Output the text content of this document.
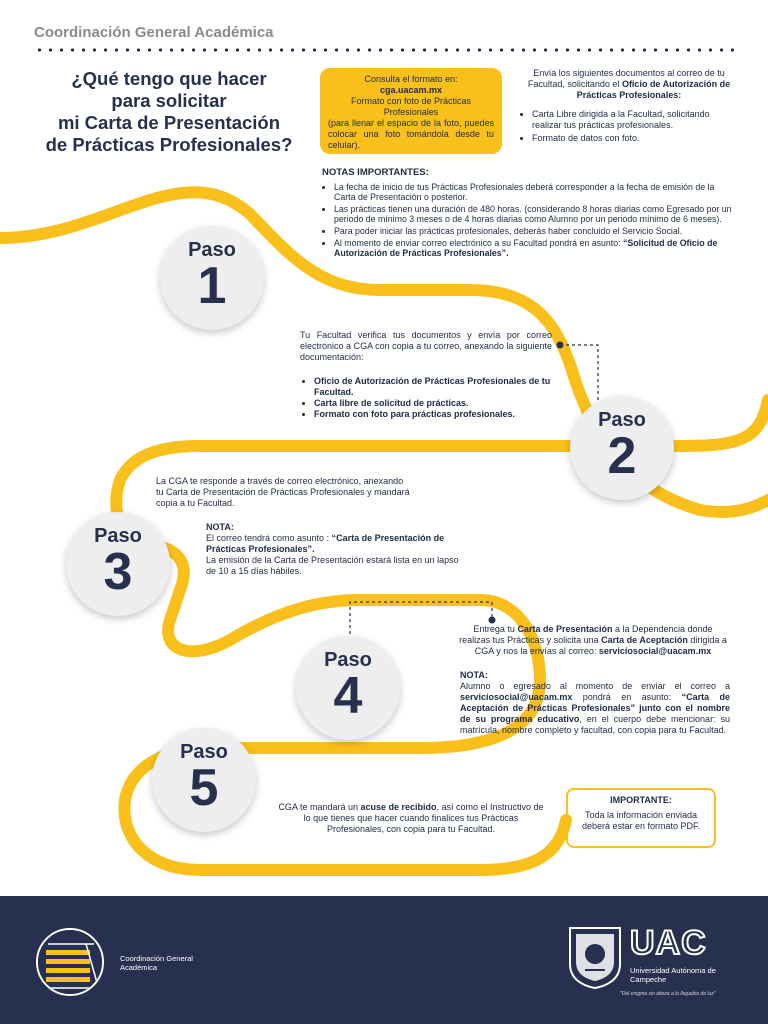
Coordinación General Académica
¿Qué tengo que hacer
para solicitar
mi Carta de Presentación
de Prácticas Profesionales?
Consulta el formato en:
cga.uacam.mx
Formato con foto de Prácticas Profesionales
(para llenar el espacio de la foto, puedes colocar una foto tomándola desde tu celular).
Envía los siguientes documentos al correo de tu Facultad, solicitando el Oficio de Autorización de Prácticas Profesionales:
• Carta Libre dirigida a la Facultad, solicitando realizar tus prácticas profesionales.
• Formato de datos con foto.
NOTAS IMPORTANTES:
• La fecha de inicio de tus Prácticas Profesionales deberá corresponder a la fecha de emisión de la Carta de Presentación o posterior.
• Las prácticas tienen una duración de 480 horas. (considerando 8 horas diarias como Egresado por un periodo de mínimo 3 meses o de 4 horas diarias como Alumno por un periodo mínimo de 6 meses).
• Para poder iniciar las prácticas profesionales, deberás haber concluido el Servicio Social.
• Al momento de enviar correo electrónico a su Facultad pondrá en asunto: “Solicitud de Oficio de Autorización de Prácticas Profesionales”.
Paso
1
Paso
2
Paso
3
Paso
4
Paso
5
Tu Facultad verifica tus documentos y envía por correo electrónico a CGA con copia a tu correo, anexando la siguiente documentación:
• Oficio de Autorización de Prácticas Profesionales de tu Facultad.
• Carta libre de solicitud de prácticas.
• Formato con foto para prácticas profesionales.
La CGA te responde a través de correo electrónico, anexando tu Carta de Presentación de Prácticas Profesionales y mandará copia a tu Facultad.
NOTA:
El correo tendrá como asunto : “Carta de Presentación de Prácticas Profesionales”.
La emisión de la Carta de Presentación estará lista en un lapso de 10 a 15 días hábiles.
Entrega tu Carta de Presentación a la Dependencia donde realizas tus Prácticas y solicita una Carta de Aceptación dirigida a CGA y nos la envías al correo: serviciosocial@uacam.mx
NOTA:
Alumno o egresado al momento de enviar el correo a serviciosocial@uacam.mx pondrá en asunto: “Carta de Aceptación de Prácticas Profesionales” junto con el nombre de su programa educativo, en el cuerpo debe mencionar: su matrícula, nombre completo y facultad, con copia para tu Facultad.
CGA te mandará un acuse de recibido, así como el Instructivo de lo que tienes que hacer cuando finalices tus Prácticas Profesionales, con copia para tu Facultad.
IMPORTANTE:
Toda la información enviada deberá estar en formato PDF.
Coordinación General Académica
UAC
Universidad Autónoma de Campeche
"Del enigma sin alteza a lo llegados de luz"
